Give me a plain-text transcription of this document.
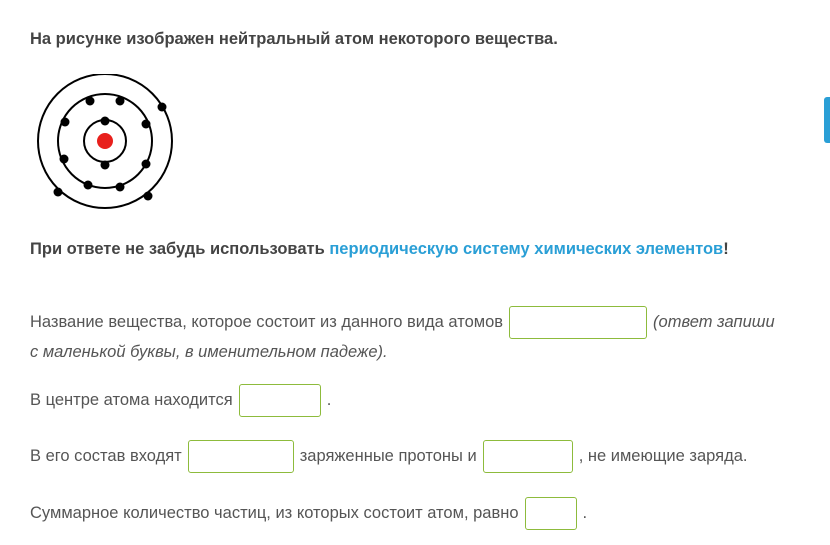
На рисунке изображен нейтральный атом некоторого вещества.
При ответе не забудь использовать периодическую систему химических элементов!
Название вещества, которое состоит из данного вида атомов	(ответ запиши
с маленькой буквы, в именительном падеже).
В центре атома находится	.
В его состав входят	заряженные протоны и	, не имеющие заряда.
Суммарное количество частиц, из которых состоит атом, равно	.
